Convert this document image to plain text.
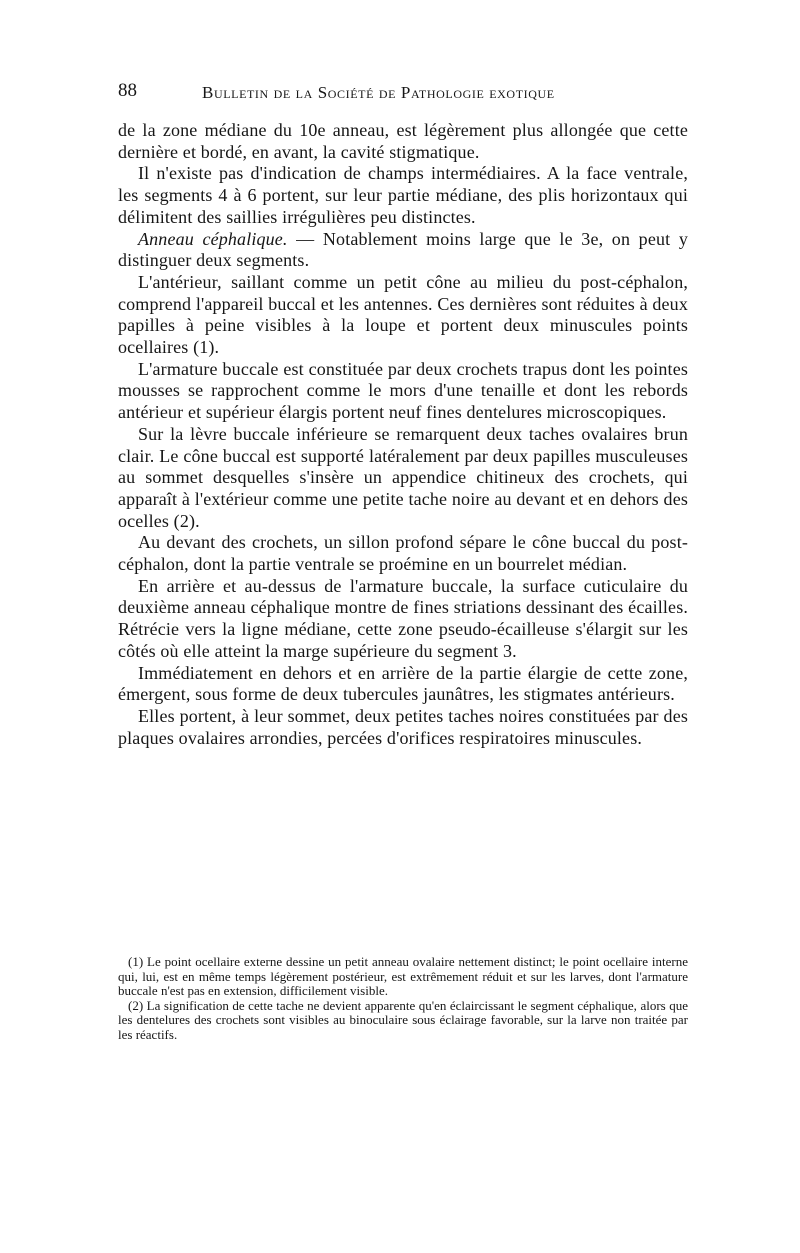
88	Bulletin de la Société de Pathologie exotique

de la zone médiane du 10e anneau, est légèrement plus allongée que cette dernière et bordé, en avant, la cavité stigmatique.

Il n'existe pas d'indication de champs intermédiaires. A la face ventrale, les segments 4 à 6 portent, sur leur partie médiane, des plis horizontaux qui délimitent des saillies irrégulières peu distinctes.

Anneau céphalique. — Notablement moins large que le 3e, on peut y distinguer deux segments.

L'antérieur, saillant comme un petit cône au milieu du post-céphalon, comprend l'appareil buccal et les antennes. Ces dernières sont réduites à deux papilles à peine visibles à la loupe et portent deux minuscules points ocellaires (1).

L'armature buccale est constituée par deux crochets trapus dont les pointes mousses se rapprochent comme le mors d'une tenaille et dont les rebords antérieur et supérieur élargis portent neuf fines dentelures microscopiques.

Sur la lèvre buccale inférieure se remarquent deux taches ovalaires brun clair. Le cône buccal est supporté latéralement par deux papilles musculeuses au sommet desquelles s'insère un appendice chitineux des crochets, qui apparaît à l'extérieur comme une petite tache noire au devant et en dehors des ocelles (2).

Au devant des crochets, un sillon profond sépare le cône buccal du post-céphalon, dont la partie ventrale se proémine en un bourrelet médian.

En arrière et au-dessus de l'armature buccale, la surface cuticulaire du deuxième anneau céphalique montre de fines striations dessinant des écailles. Rétrécie vers la ligne médiane, cette zone pseudo-écailleuse s'élargit sur les côtés où elle atteint la marge supérieure du segment 3.

Immédiatement en dehors et en arrière de la partie élargie de cette zone, émergent, sous forme de deux tubercules jaunâtres, les stigmates antérieurs.

Elles portent, à leur sommet, deux petites taches noires constituées par des plaques ovalaires arrondies, percées d'orifices respiratoires minuscules.

(1) Le point ocellaire externe dessine un petit anneau ovalaire nettement distinct; le point ocellaire interne qui, lui, est en même temps légèrement postérieur, est extrêmement réduit et sur les larves, dont l'armature buccale n'est pas en extension, difficilement visible.

(2) La signification de cette tache ne devient apparente qu'en éclaircissant le segment céphalique, alors que les dentelures des crochets sont visibles au binoculaire sous éclairage favorable, sur la larve non traitée par les réactifs.
